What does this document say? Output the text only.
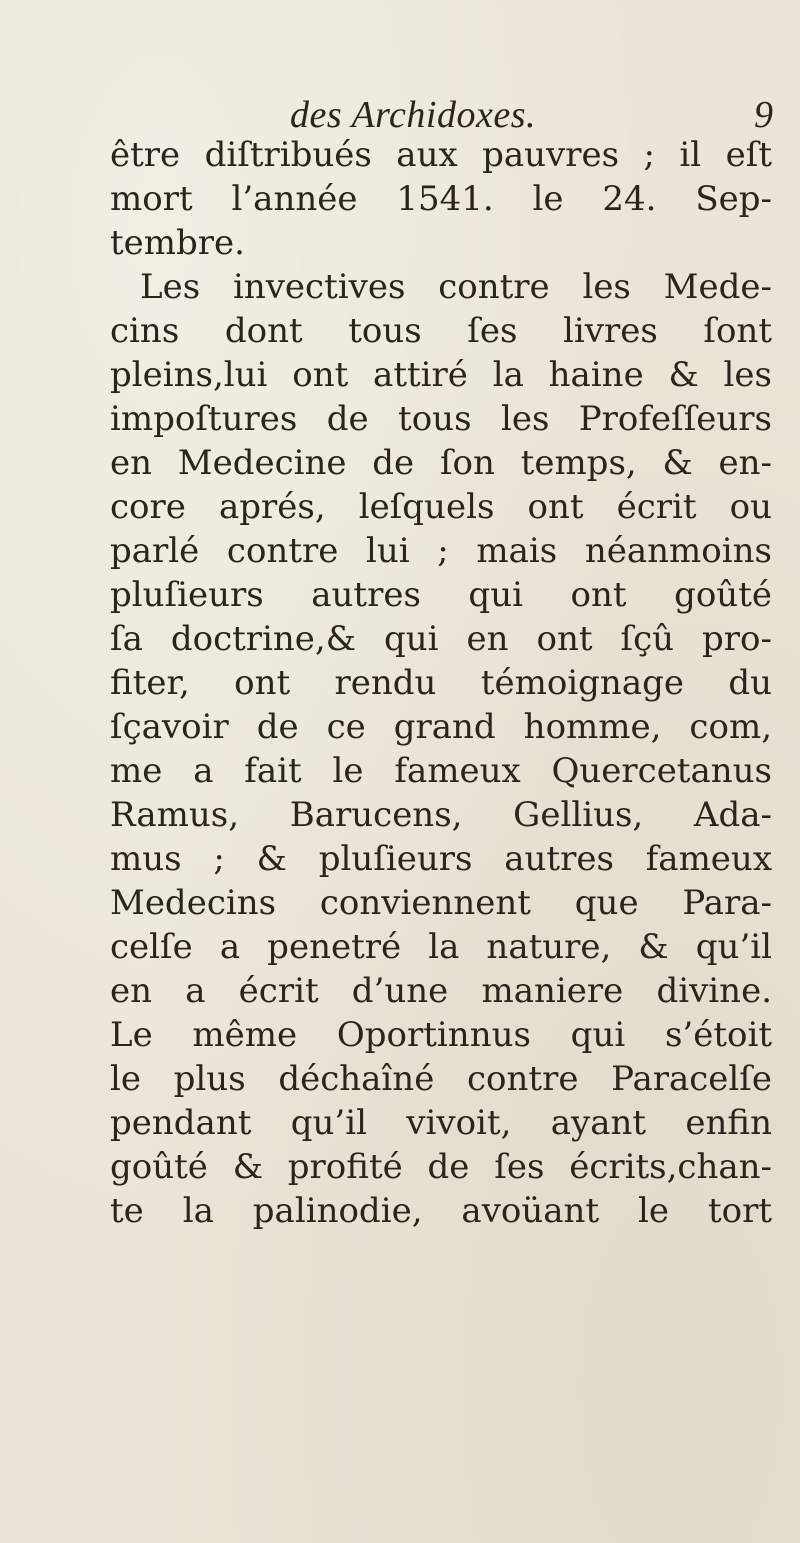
des Archidoxes.	9
être diſtribués aux pauvres ; il eſt
mort l’année 1541. le 24. Sep-
tembre.
Les invectives contre les Mede-
cins dont tous ſes livres ſont
pleins,lui ont attiré la haine & les
impoſtures de tous les Profeſſeurs
en Medecine de ſon temps, & en-
core aprés, leſquels ont écrit ou
parlé contre lui ; mais néanmoins
pluſieurs autres qui ont goûté
ſa doctrine,& qui en ont ſçû pro-
fiter, ont rendu témoignage du
ſçavoir de ce grand homme, com,
me a fait le fameux Quercetanus
Ramus, Barucens, Gellius, Ada-
mus ; & pluſieurs autres fameux
Medecins conviennent que Para-
celſe a penetré la nature, & qu’il
en a écrit d’une maniere divine.
Le même Oportinnus qui s’étoit
le plus déchaîné contre Paracelſe
pendant qu’il vivoit, ayant enfin
goûté & profité de ſes écrits,chan-
te la palinodie, avoüant le tort
